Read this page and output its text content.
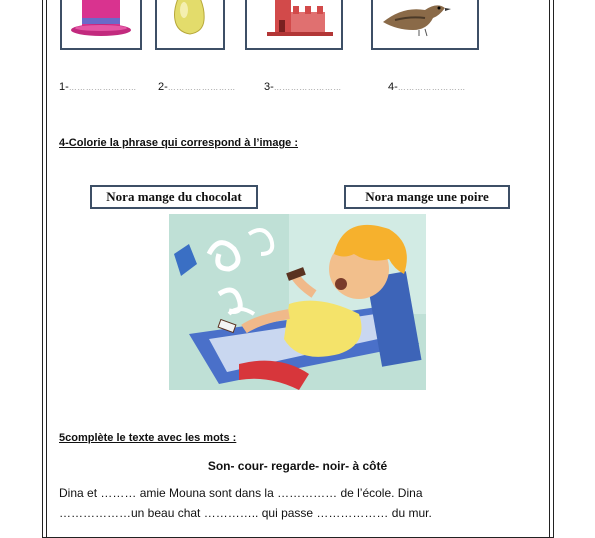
1-…………………… 2-……………………	3-……………………	4-……………………
4-Colorie la phrase qui correspond à l’image :
Nora mange du chocolat	Nora mange une poire
5complète le texte avec les mots :
Son- cour- regarde- noir- à côté
Dina et ……… amie Mouna sont dans la …………… de l’école. Dina
………………un beau chat ………….. qui passe ……………… du mur.
